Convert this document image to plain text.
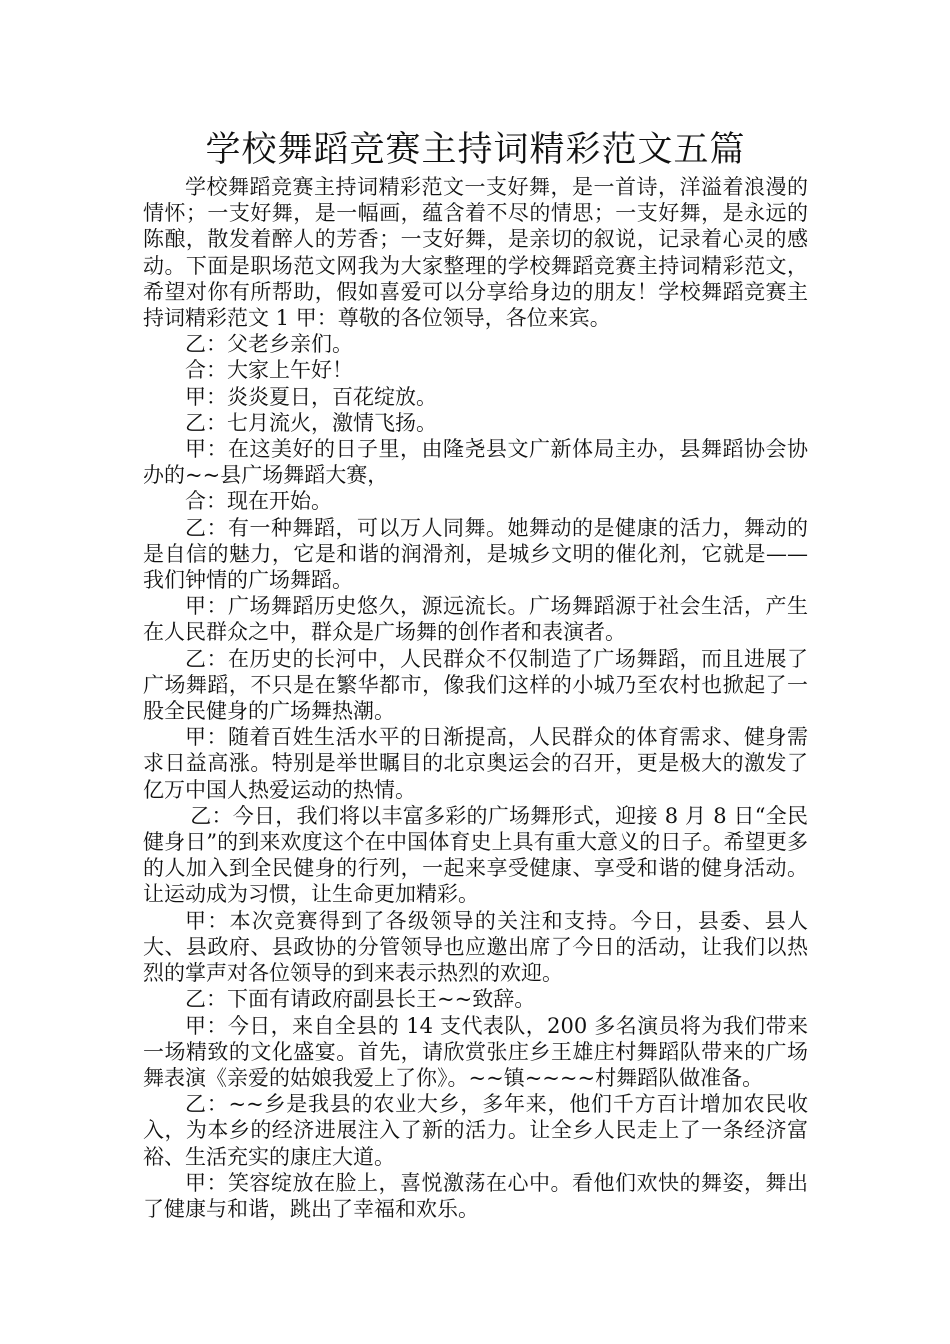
学校舞蹈竞赛主持词精彩范文五篇

学校舞蹈竞赛主持词精彩范文一支好舞，是一首诗，洋溢着浪漫的情怀；一支好舞，是一幅画，蕴含着不尽的情思；一支好舞，是永远的陈酿，散发着醉人的芳香；一支好舞，是亲切的叙说，记录着心灵的感动。下面是职场范文网我为大家整理的学校舞蹈竞赛主持词精彩范文，希望对你有所帮助，假如喜爱可以分享给身边的朋友！学校舞蹈竞赛主持词精彩范文 1 甲：尊敬的各位领导，各位来宾。

乙：父老乡亲们。

合：大家上午好！

甲：炎炎夏日，百花绽放。

乙：七月流火，激情飞扬。

甲：在这美好的日子里，由隆尧县文广新体局主办，县舞蹈协会协办的~~县广场舞蹈大赛，

合：现在开始。

乙：有一种舞蹈，可以万人同舞。她舞动的是健康的活力，舞动的是自信的魅力，它是和谐的润滑剂，是城乡文明的催化剂，它就是——我们钟情的广场舞蹈。

甲：广场舞蹈历史悠久，源远流长。广场舞蹈源于社会生活，产生在人民群众之中，群众是广场舞的创作者和表演者。

乙：在历史的长河中，人民群众不仅制造了广场舞蹈，而且进展了广场舞蹈，不只是在繁华都市，像我们这样的小城乃至农村也掀起了一股全民健身的广场舞热潮。

甲：随着百姓生活水平的日渐提高，人民群众的体育需求、健身需求日益高涨。特别是举世瞩目的北京奥运会的召开，更是极大的激发了亿万中国人热爱运动的热情。

乙：今日，我们将以丰富多彩的广场舞形式，迎接 8 月 8 日“全民健身日”的到来欢度这个在中国体育史上具有重大意义的日子。希望更多的人加入到全民健身的行列，一起来享受健康、享受和谐的健身活动。让运动成为习惯，让生命更加精彩。

甲：本次竞赛得到了各级领导的关注和支持。今日，县委、县人大、县政府、县政协的分管领导也应邀出席了今日的活动，让我们以热烈的掌声对各位领导的到来表示热烈的欢迎。

乙：下面有请政府副县长王~~致辞。

甲：今日，来自全县的 14 支代表队，200 多名演员将为我们带来一场精致的文化盛宴。首先，请欣赏张庄乡王雄庄村舞蹈队带来的广场舞表演《亲爱的姑娘我爱上了你》。~~镇~~~~村舞蹈队做准备。

乙：~~乡是我县的农业大乡，多年来，他们千方百计增加农民收入，为本乡的经济进展注入了新的活力。让全乡人民走上了一条经济富裕、生活充实的康庄大道。

甲：笑容绽放在脸上，喜悦激荡在心中。看他们欢快的舞姿，舞出了健康与和谐，跳出了幸福和欢乐。
